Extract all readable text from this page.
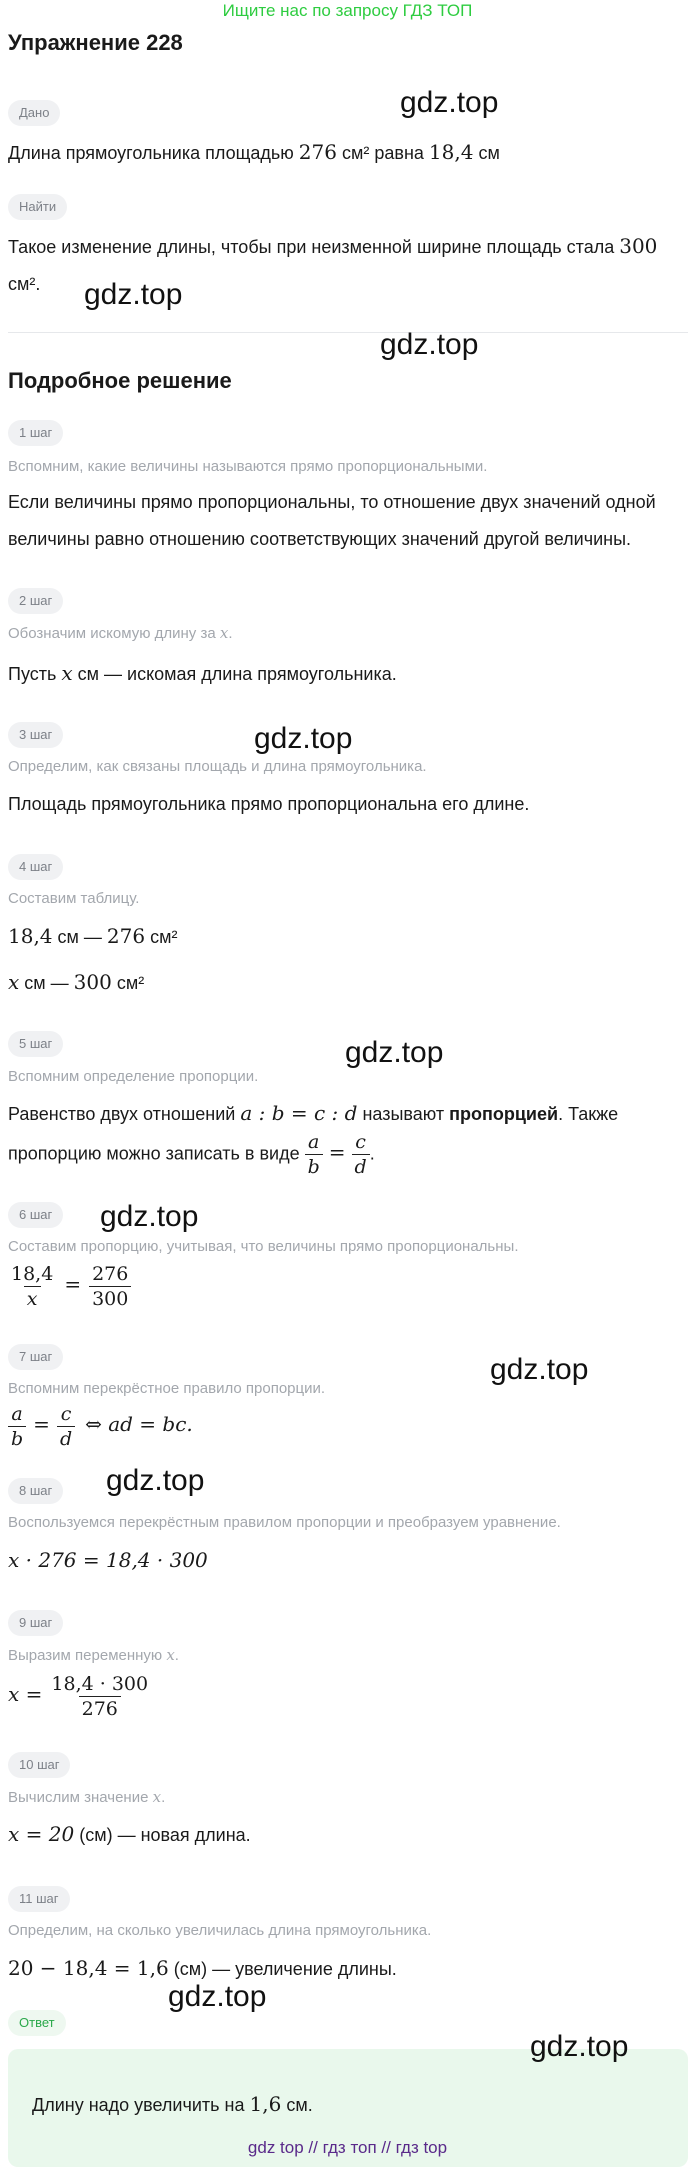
Ищите нас по запросу ГДЗ ТОП
Упражнение 228
Дано
Длина прямоугольника площадью 276 см² равна 18,4 см
Найти
Такое изменение длины, чтобы при неизменной ширине площадь стала 300
см².
Подробное решение
1 шаг
Вспомним, какие величины называются прямо пропорциональными.
Если величины прямо пропорциональны, то отношение двух значений одной
величины равно отношению соответствующих значений другой величины.
2 шаг
Обозначим искомую длину за x.
Пусть x см — искомая длина прямоугольника.
3 шаг
Определим, как связаны площадь и длина прямоугольника.
Площадь прямоугольника прямо пропорциональна его длине.
4 шаг
Составим таблицу.
18,4 см — 276 см²
x см — 300 см²
5 шаг
Вспомним определение пропорции.
Равенство двух отношений a : b = c : d называют пропорцией. Также
пропорцию можно записать в виде $\frac{a}{b} = \frac{c}{d}$ .
6 шаг
Составим пропорцию, учитывая, что величины прямо пропорциональны.
$\frac{18,4}{x} = \frac{276}{300}$
7 шаг
Вспомним перекрёстное правило пропорции.
$\frac{a}{b} = \frac{c}{d}$ ⇔ ad = bc.
8 шаг
Воспользуемся перекрёстным правилом пропорции и преобразуем уравнение.
x · 276 = 18,4 · 300
9 шаг
Выразим переменную x.
$x = \frac{18,4 \cdot 300}{276}$
10 шаг
Вычислим значение x.
x = 20 (см) — новая длина.
11 шаг
Определим, на сколько увеличилась длина прямоугольника.
20 − 18,4 = 1,6 (см) — увеличение длины.
Ответ
Длину надо увеличить на 1,6 см.
gdz.top
gdz.top
gdz.top
gdz.top
gdz.top
gdz.top
gdz.top
gdz.top
gdz.top
gdz.top
gdz top // гдз топ // гдз top
